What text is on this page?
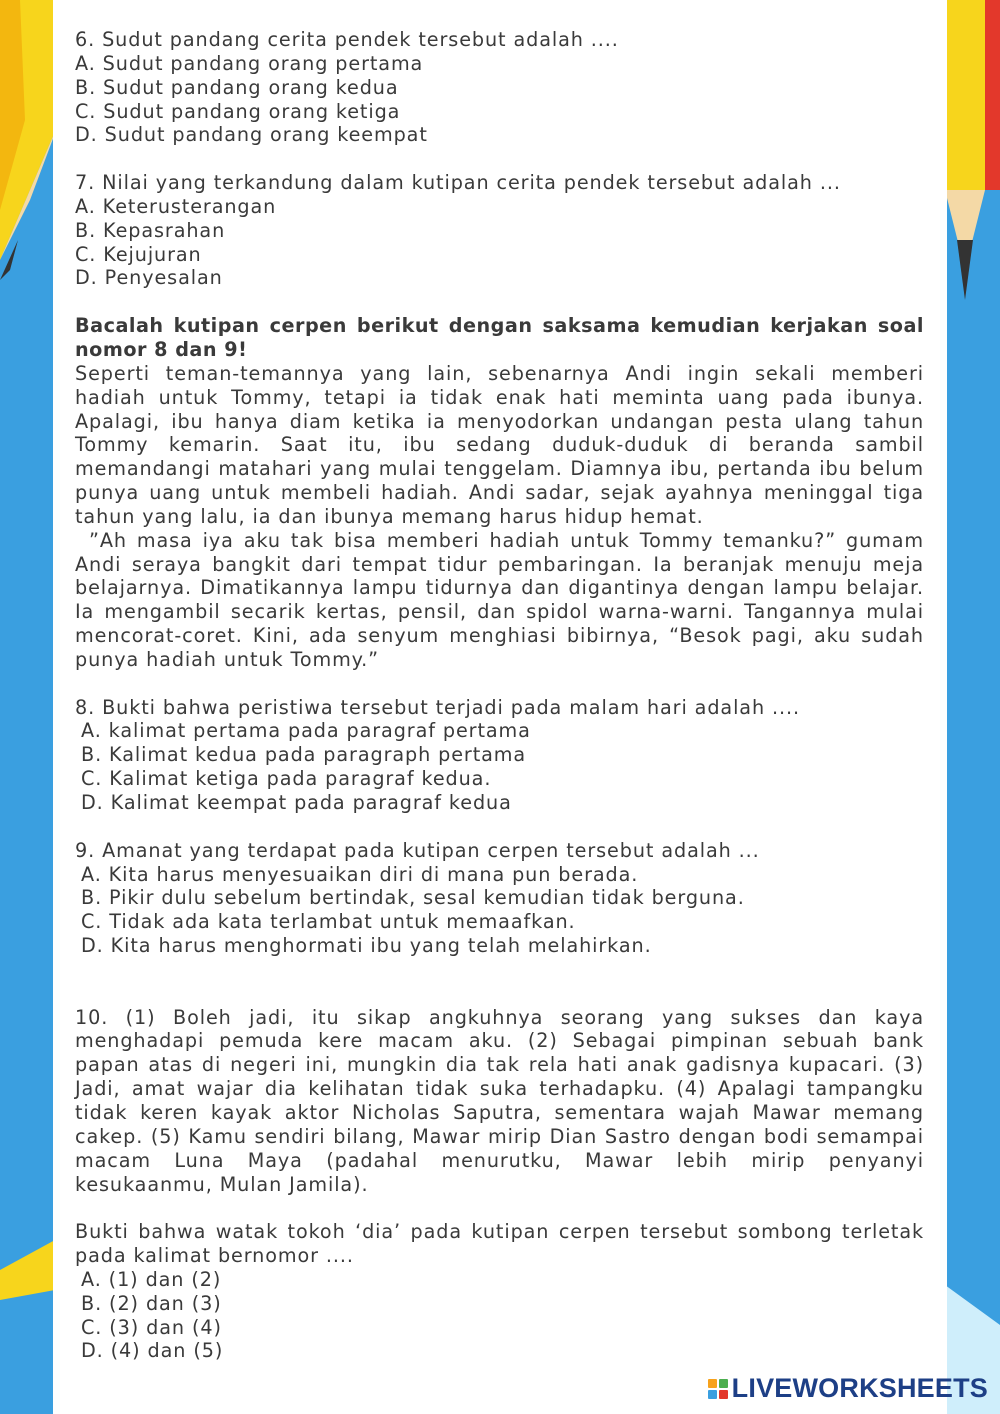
6. Sudut pandang cerita pendek tersebut adalah ....
A. Sudut pandang orang pertama
B. Sudut pandang orang kedua
C. Sudut pandang orang ketiga
D. Sudut pandang orang keempat
7. Nilai yang terkandung dalam kutipan cerita pendek tersebut adalah ...
A. Keterusterangan
B. Kepasrahan
C. Kejujuran
D. Penyesalan
Bacalah kutipan cerpen berikut dengan saksama kemudian kerjakan soal nomor 8 dan 9!
Seperti teman-temannya yang lain, sebenarnya Andi ingin sekali memberi hadiah untuk Tommy, tetapi ia tidak enak hati meminta uang pada ibunya. Apalagi, ibu hanya diam ketika ia menyodorkan undangan pesta ulang tahun Tommy kemarin. Saat itu, ibu sedang duduk-duduk di beranda sambil memandangi matahari yang mulai tenggelam. Diamnya ibu, pertanda ibu belum punya uang untuk membeli hadiah. Andi sadar, sejak ayahnya meninggal tiga tahun yang lalu, ia dan ibunya memang harus hidup hemat.
”Ah masa iya aku tak bisa memberi hadiah untuk Tommy temanku?” gumam Andi seraya bangkit dari tempat tidur pembaringan. Ia beranjak menuju meja belajarnya. Dimatikannya lampu tidurnya dan digantinya dengan lampu belajar. Ia mengambil secarik kertas, pensil, dan spidol warna-warni. Tangannya mulai mencorat-coret. Kini, ada senyum menghiasi bibirnya, “Besok pagi, aku sudah punya hadiah untuk Tommy.”
8. Bukti bahwa peristiwa tersebut terjadi pada malam hari adalah ....
A. kalimat pertama pada paragraf pertama
B. Kalimat kedua pada paragraph pertama
C. Kalimat ketiga pada paragraf kedua.
D. Kalimat keempat pada paragraf kedua
9. Amanat yang terdapat pada kutipan cerpen tersebut adalah ...
A. Kita harus menyesuaikan diri di mana pun berada.
B. Pikir dulu sebelum bertindak, sesal kemudian tidak berguna.
C. Tidak ada kata terlambat untuk memaafkan.
D. Kita harus menghormati ibu yang telah melahirkan.
10. (1) Boleh jadi, itu sikap angkuhnya seorang yang sukses dan kaya menghadapi pemuda kere macam aku. (2) Sebagai pimpinan sebuah bank papan atas di negeri ini, mungkin dia tak rela hati anak gadisnya kupacari. (3) Jadi, amat wajar dia kelihatan tidak suka terhadapku. (4) Apalagi tampangku tidak keren kayak aktor Nicholas Saputra, sementara wajah Mawar memang cakep. (5) Kamu sendiri bilang, Mawar mirip Dian Sastro dengan bodi semampai macam Luna Maya (padahal menurutku, Mawar lebih mirip penyanyi kesukaanmu, Mulan Jamila).
Bukti bahwa watak tokoh ‘dia’ pada kutipan cerpen tersebut sombong terletak pada kalimat bernomor ....
A. (1) dan (2)
B. (2) dan (3)
C. (3) dan (4)
D. (4) dan (5)
LIVEWORKSHEETS
